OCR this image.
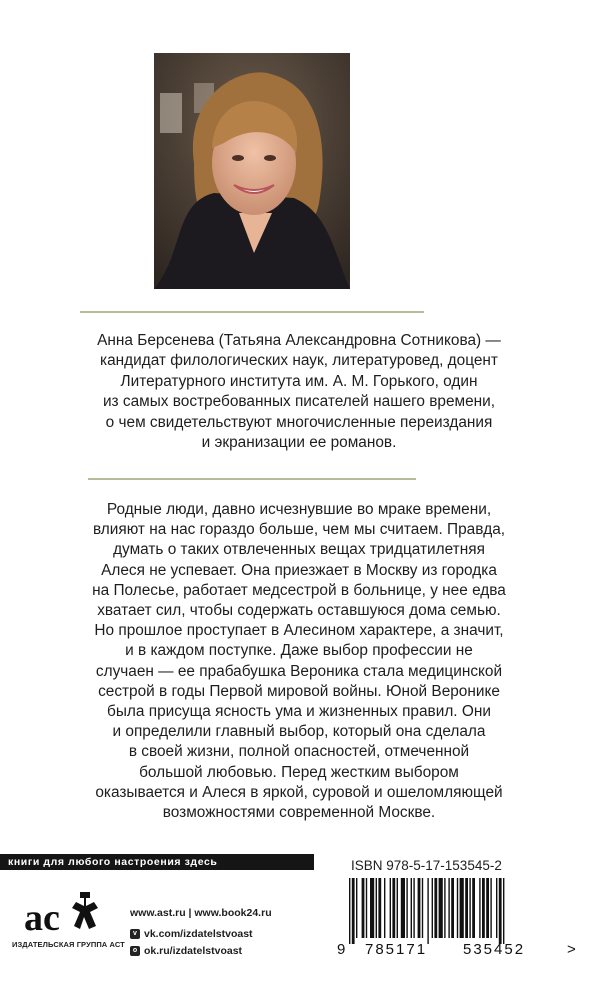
Анна Берсенева (Татьяна Александровна Сотникова) —
кандидат филологических наук, литературовед, доцент
Литературного института им. А. М. Горького, один
из самых востребованных писателей нашего времени,
о чем свидетельствуют многочисленные переиздания
и экранизации ее романов.
Родные люди, давно исчезнувшие во мраке времени,
влияют на нас гораздо больше, чем мы считаем. Правда,
думать о таких отвлеченных вещах тридцатилетняя
Алеся не успевает. Она приезжает в Москву из городка
на Полесье, работает медсестрой в больнице, у нее едва
хватает сил, чтобы содержать оставшуюся дома семью.
Но прошлое проступает в Алесином характере, а значит,
и в каждом поступке. Даже выбор профессии не
случаен — ее прабабушка Вероника стала медицинской
сестрой в годы Первой мировой войны. Юной Веронике
была присуща ясность ума и жизненных правил. Они
и определили главный выбор, который она сделала
в своей жизни, полной опасностей, отмеченной
большой любовью. Перед жестким выбором
оказывается и Алеся в яркой, суровой и ошеломляющей
возможностями современной Москве.
книги для любого настроения здесь
ас
ИЗДАТЕЛЬСКАЯ ГРУППА АСТ
www.ast.ru | www.book24.ru
v vk.com/izdatelstvoast
o ok.ru/izdatelstvoast
ISBN 978-5-17-153545-2
9 785171 535452	>
